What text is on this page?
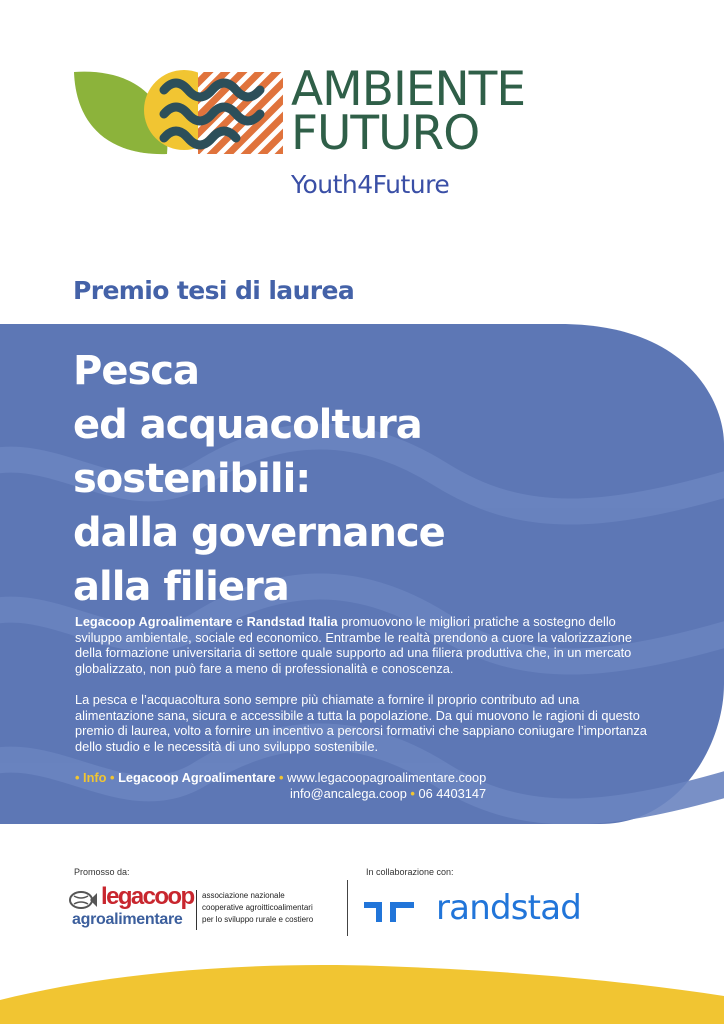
AMBIENTE
FUTURO
Youth4Future
Premio tesi di laurea
Pesca
ed acquacoltura
sostenibili:
dalla governance
alla filiera
Legacoop Agroalimentare e Randstad Italia promuovono le migliori pratiche a sostegno dello sviluppo ambientale, sociale ed economico. Entrambe le realtà prendono a cuore la valorizzazione della formazione universitaria di settore quale supporto ad una filiera produttiva che, in un mercato globalizzato, non può fare a meno di professionalità e conoscenza.
La pesca e l’acquacoltura sono sempre più chiamate a fornire il proprio contributo ad una alimentazione sana, sicura e accessibile a tutta la popolazione. Da qui muovono le ragioni di questo premio di laurea, volto a fornire un incentivo a percorsi formativi che sappiano coniugare l’importanza dello studio e le necessità di uno sviluppo sostenibile.
• Info • Legacoop Agroalimentare • www.legacoopagroalimentare.coop
info@ancalega.coop • 06 4403147
Promosso da:	In collaborazione con:
legacoop
agroalimentare
associazione nazionale
cooperative agroitticoalimentari
per lo sviluppo rurale e costiero	randstad
